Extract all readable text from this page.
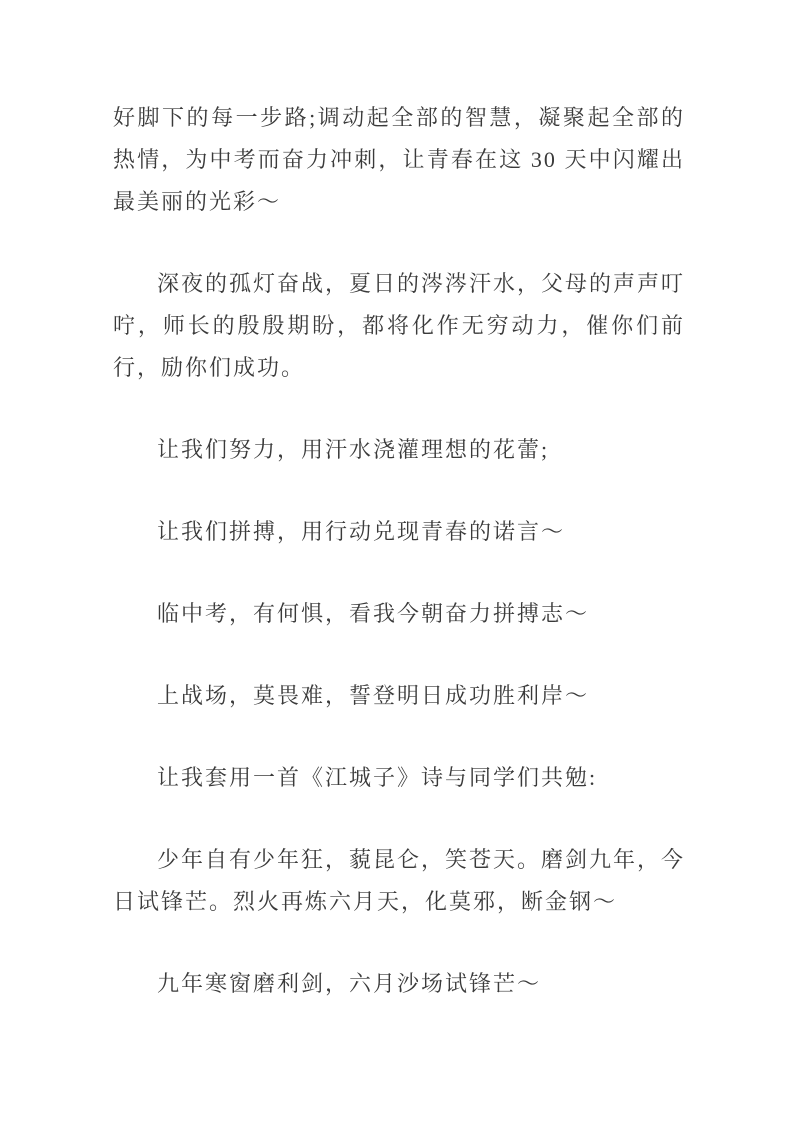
好脚下的每一步路;调动起全部的智慧，凝聚起全部的热情，为中考而奋力冲刺，让青春在这 30 天中闪耀出最美丽的光彩～

深夜的孤灯奋战，夏日的涔涔汗水，父母的声声叮咛，师长的殷殷期盼，都将化作无穷动力，催你们前行，励你们成功。

让我们努力，用汗水浇灌理想的花蕾;

让我们拼搏，用行动兑现青春的诺言～

临中考，有何惧，看我今朝奋力拼搏志～

上战场，莫畏难，誓登明日成功胜利岸～

让我套用一首《江城子》诗与同学们共勉:

少年自有少年狂，藐昆仑，笑苍天。磨剑九年，今日试锋芒。烈火再炼六月天，化莫邪，断金钢～

九年寒窗磨利剑，六月沙场试锋芒～
